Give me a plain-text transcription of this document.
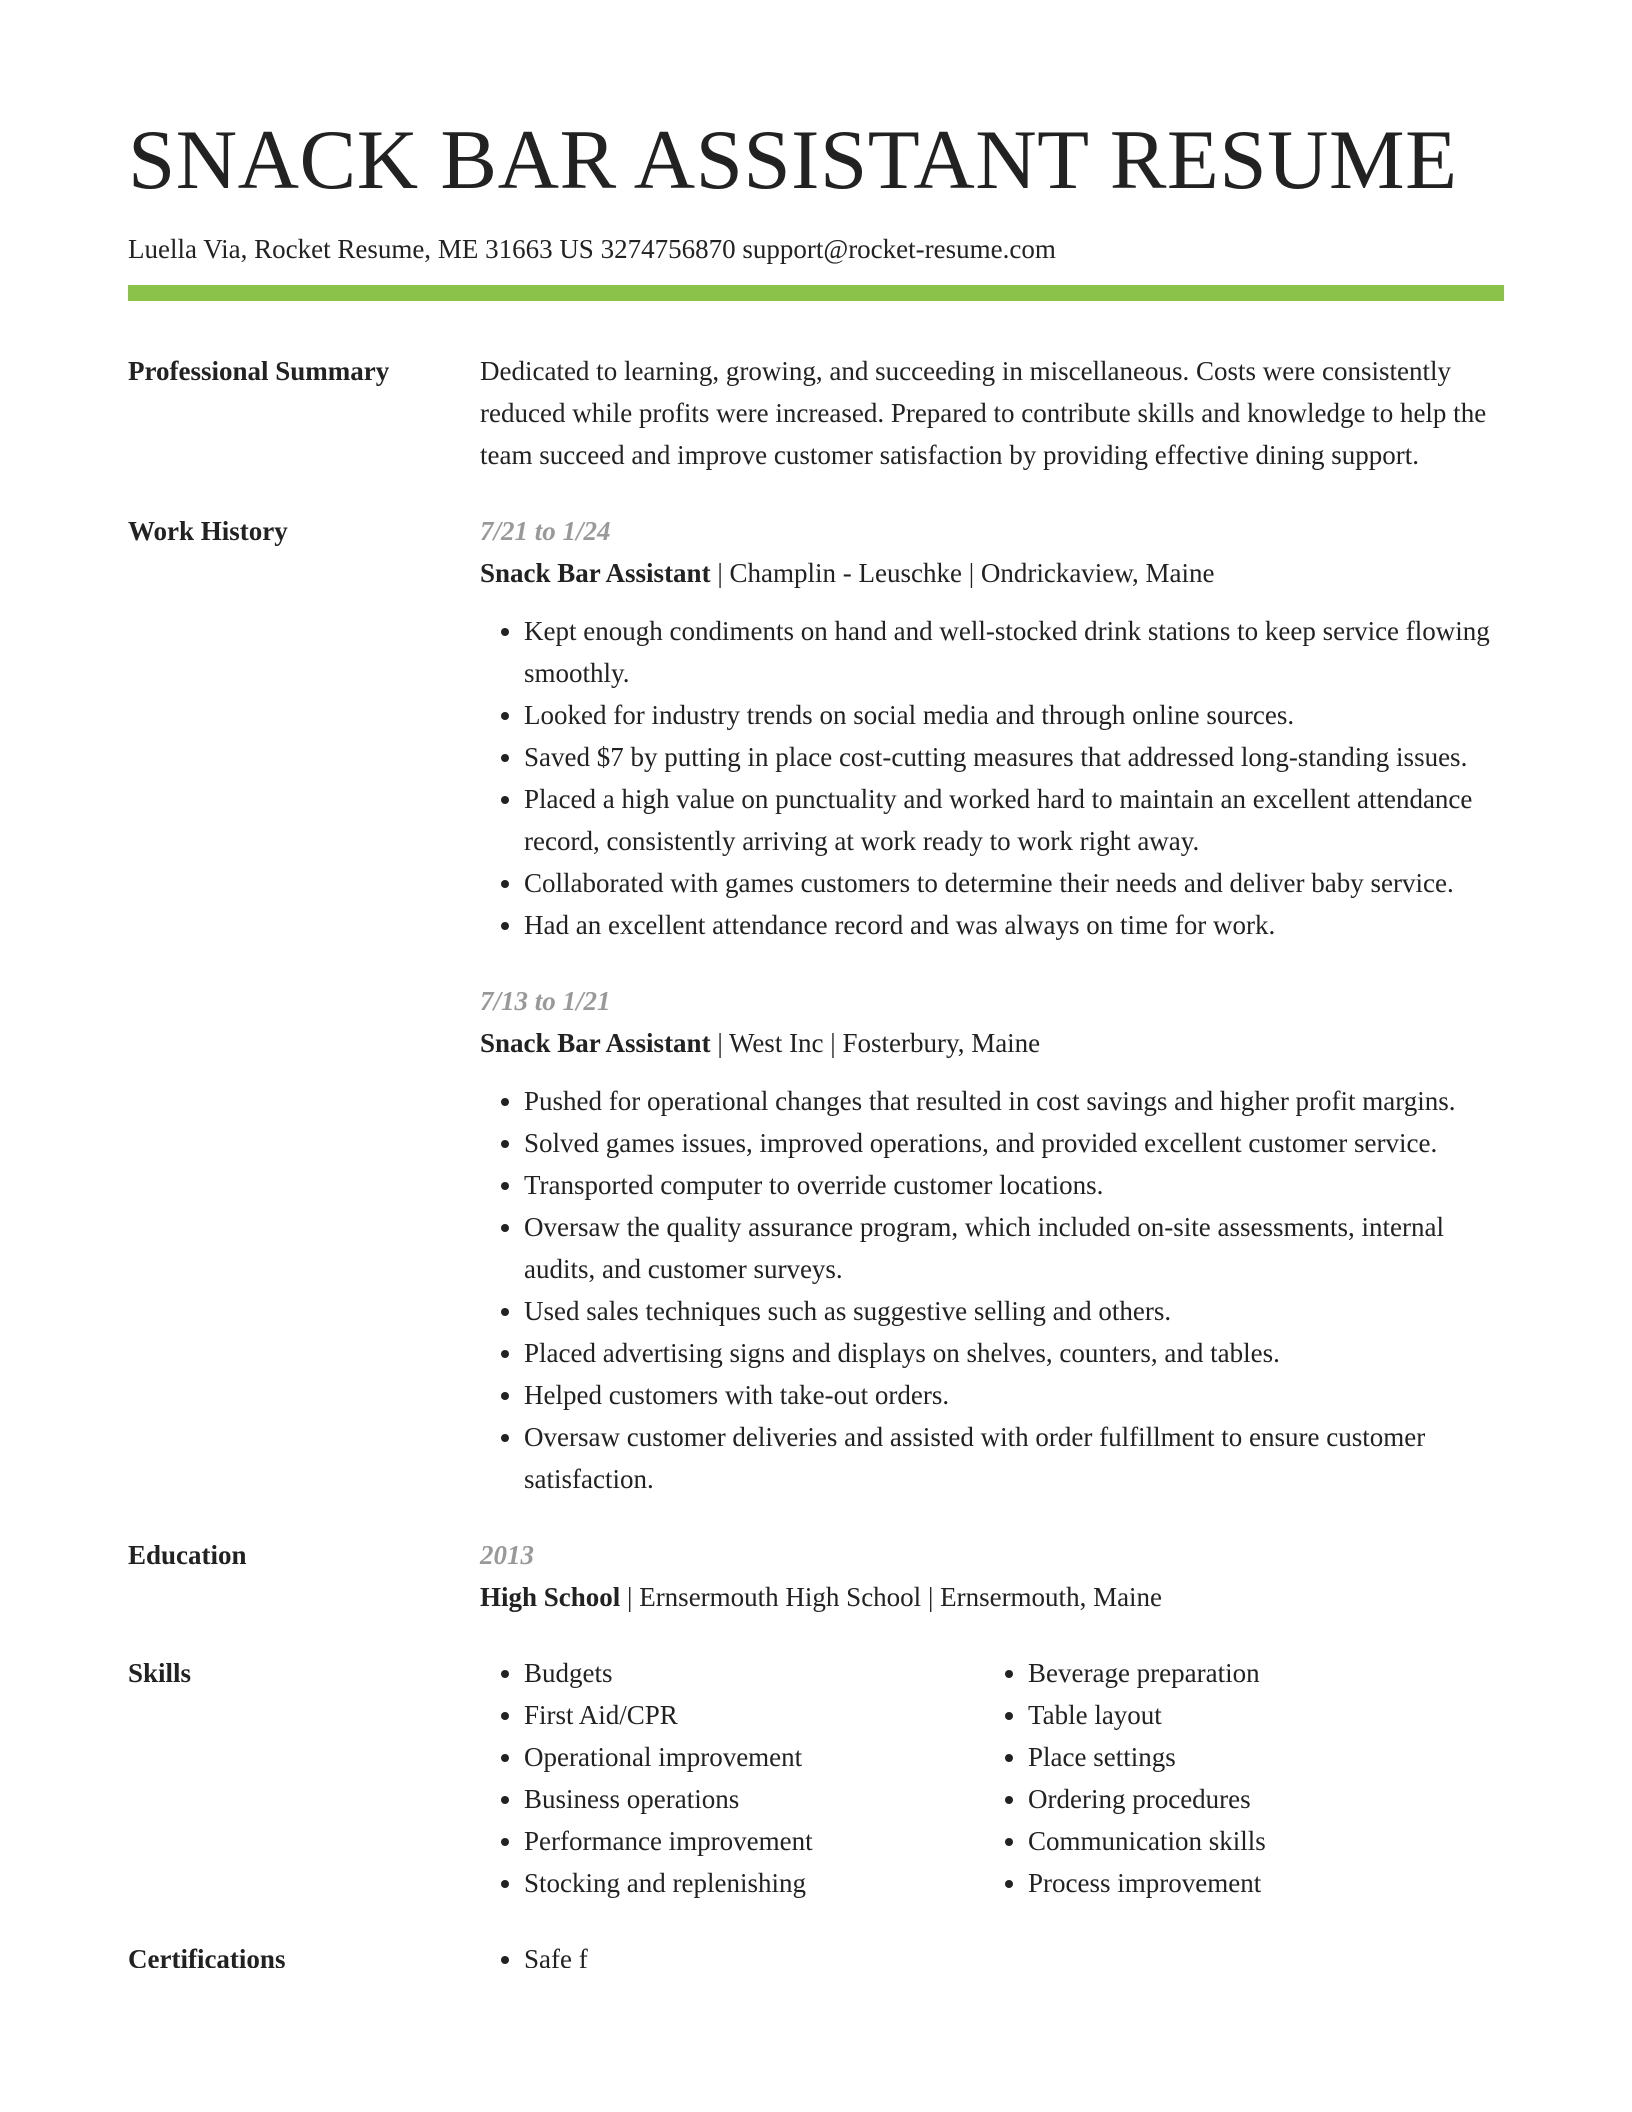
SNACK BAR ASSISTANT RESUME
Luella Via, Rocket Resume, ME 31663 US 3274756870 support@rocket-resume.com
Professional Summary	Dedicated to learning, growing, and succeeding in miscellaneous. Costs were consistently reduced while profits were increased. Prepared to contribute skills and knowledge to help the team succeed and improve customer satisfaction by providing effective dining support.

Work History	7/21 to 1/24
Snack Bar Assistant | Champlin - Leuschke | Ondrickaview, Maine
• Kept enough condiments on hand and well-stocked drink stations to keep service flowing smoothly.
• Looked for industry trends on social media and through online sources.
• Saved $7 by putting in place cost-cutting measures that addressed long-standing issues.
• Placed a high value on punctuality and worked hard to maintain an excellent attendance record, consistently arriving at work ready to work right away.
• Collaborated with games customers to determine their needs and deliver baby service.
• Had an excellent attendance record and was always on time for work.
7/13 to 1/21
Snack Bar Assistant | West Inc | Fosterbury, Maine
• Pushed for operational changes that resulted in cost savings and higher profit margins.
• Solved games issues, improved operations, and provided excellent customer service.
• Transported computer to override customer locations.
• Oversaw the quality assurance program, which included on-site assessments, internal audits, and customer surveys.
• Used sales techniques such as suggestive selling and others.
• Placed advertising signs and displays on shelves, counters, and tables.
• Helped customers with take-out orders.
• Oversaw customer deliveries and assisted with order fulfillment to ensure customer satisfaction.
Education	2013
High School | Ernsermouth High School | Ernsermouth, Maine
Skills	• Budgets
• First Aid/CPR
• Operational improvement
• Business operations
• Performance improvement
• Stocking and replenishing
• Beverage preparation
• Table layout
• Place settings
• Ordering procedures
• Communication skills
• Process improvement
Certifications	• Safe f
